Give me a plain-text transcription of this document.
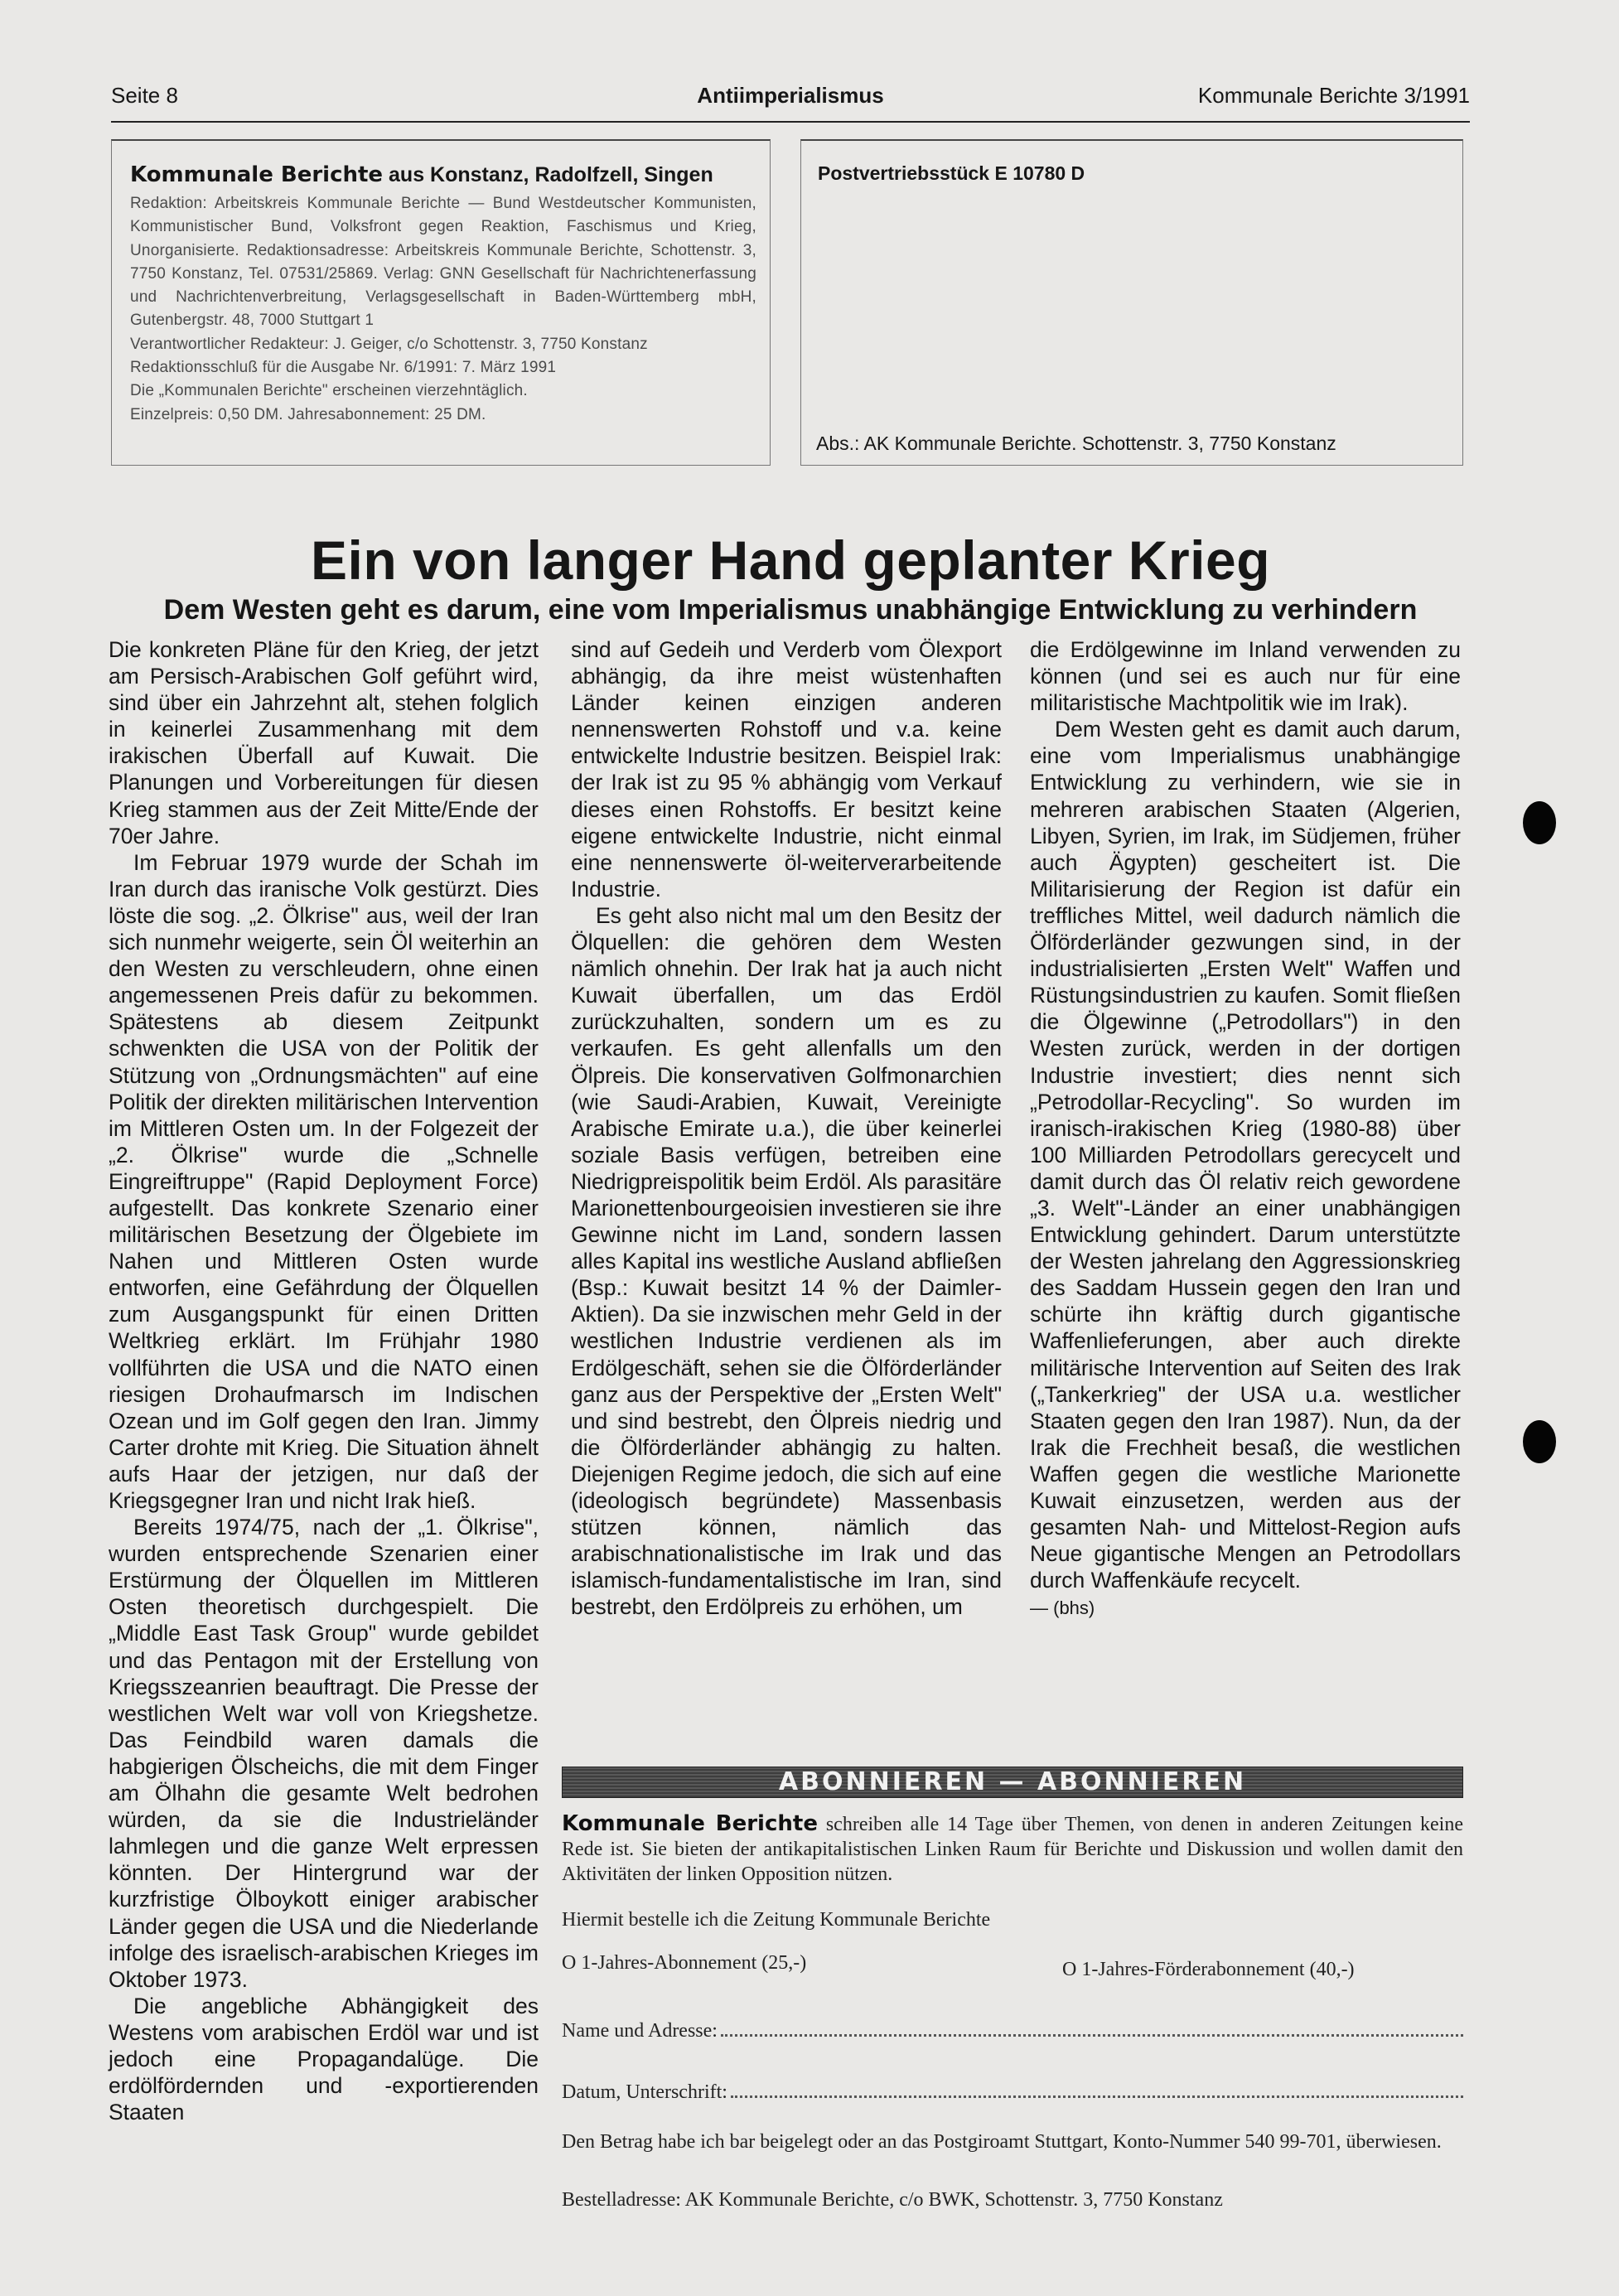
Seite 8	Antiimperialismus	Kommunale Berichte 3/1991
Kommunale Berichte aus Konstanz, Radolfzell, Singen

Redaktion: Arbeitskreis Kommunale Berichte — Bund Westdeutscher Kommunisten, Kommunistischer Bund, Volksfront gegen Reaktion, Faschismus und Krieg, Unorganisierte. Redaktionsadresse: Arbeitskreis Kommunale Berichte, Schottenstr. 3, 7750 Konstanz, Tel. 07531/25869. Verlag: GNN Gesellschaft für Nachrichtenerfassung und Nachrichtenverbreitung, Verlagsgesellschaft in Baden-Württemberg mbH, Gutenbergstr. 48, 7000 Stuttgart 1

Verantwortlicher Redakteur: J. Geiger, c/o Schottenstr. 3, 7750 Konstanz

Redaktionsschluß für die Ausgabe Nr. 6/1991: 7. März 1991

Die „Kommunalen Berichte" erscheinen vierzehntäglich.

Einzelpreis: 0,50 DM. Jahresabonnement: 25 DM.

Postvertriebsstück E 10780 D
Abs.: AK Kommunale Berichte. Schottenstr. 3, 7750 Konstanz
Ein von langer Hand geplanter Krieg
Dem Westen geht es darum, eine vom Imperialismus unabhängige Entwicklung zu verhindern

Die konkreten Pläne für den Krieg, der jetzt am Persisch-Arabischen Golf geführt wird, sind über ein Jahrzehnt alt, stehen folglich in keinerlei Zusammenhang mit dem irakischen Überfall auf Kuwait. Die Planungen und Vorbereitungen für diesen Krieg stammen aus der Zeit Mitte/Ende der 70er Jahre.

Im Februar 1979 wurde der Schah im Iran durch das iranische Volk gestürzt. Dies löste die sog. „2. Ölkrise" aus, weil der Iran sich nunmehr weigerte, sein Öl weiterhin an den Westen zu verschleudern, ohne einen angemessenen Preis dafür zu bekommen. Spätestens ab diesem Zeitpunkt schwenkten die USA von der Politik der Stützung von „Ordnungsmächten" auf eine Politik der direkten militärischen Intervention im Mittleren Osten um. In der Folgezeit der „2. Ölkrise" wurde die „Schnelle Eingreiftruppe" (Rapid Deployment Force) aufgestellt. Das konkrete Szenario einer militärischen Besetzung der Ölgebiete im Nahen und Mittleren Osten wurde entworfen, eine Gefährdung der Ölquellen zum Ausgangspunkt für einen Dritten Weltkrieg erklärt. Im Frühjahr 1980 vollführten die USA und die NATO einen riesigen Drohaufmarsch im Indischen Ozean und im Golf gegen den Iran. Jimmy Carter drohte mit Krieg. Die Situation ähnelt aufs Haar der jetzigen, nur daß der Kriegsgegner Iran und nicht Irak hieß.

Bereits 1974/75, nach der „1. Ölkrise", wurden entsprechende Szenarien einer Erstürmung der Ölquellen im Mittleren Osten theoretisch durchgespielt. Die „Middle East Task Group" wurde gebildet und das Pentagon mit der Erstellung von Kriegsszeanrien beauftragt. Die Presse der westlichen Welt war voll von Kriegshetze. Das Feindbild waren damals die habgierigen Ölscheichs, die mit dem Finger am Ölhahn die gesamte Welt bedrohen würden, da sie die Industrieländer lahmlegen und die ganze Welt erpressen könnten. Der Hintergrund war der kurzfristige Ölboykott einiger arabischer Länder gegen die USA und die Niederlande infolge des israelisch-arabischen Krieges im Oktober 1973.

Die angebliche Abhängigkeit des Westens vom arabischen Erdöl war und ist jedoch eine Propagandalüge. Die erdölfördernden und -exportierenden Staaten

sind auf Gedeih und Verderb vom Ölexport abhängig, da ihre meist wüstenhaften Länder keinen einzigen anderen nennenswerten Rohstoff und v.a. keine entwickelte Industrie besitzen. Beispiel Irak: der Irak ist zu 95 % abhängig vom Verkauf dieses einen Rohstoffs. Er besitzt keine eigene entwickelte Industrie, nicht einmal eine nennenswerte öl-weiterverarbeitende Industrie.

Es geht also nicht mal um den Besitz der Ölquellen: die gehören dem Westen nämlich ohnehin. Der Irak hat ja auch nicht Kuwait überfallen, um das Erdöl zurückzuhalten, sondern um es zu verkaufen. Es geht allenfalls um den Ölpreis. Die konservativen Golfmonarchien (wie Saudi-Arabien, Kuwait, Vereinigte Arabische Emirate u.a.), die über keinerlei soziale Basis verfügen, betreiben eine Niedrigpreispolitik beim Erdöl. Als parasitäre Marionettenbourgeoisien investieren sie ihre Gewinne nicht im Land, sondern lassen alles Kapital ins westliche Ausland abfließen (Bsp.: Kuwait besitzt 14 % der Daimler-Aktien). Da sie inzwischen mehr Geld in der westlichen Industrie verdienen als im Erdölgeschäft, sehen sie die Ölförderländer ganz aus der Perspektive der „Ersten Welt" und sind bestrebt, den Ölpreis niedrig und die Ölförderländer abhängig zu halten. Diejenigen Regime jedoch, die sich auf eine (ideologisch begründete) Massenbasis stützen können, nämlich das arabischnationalistische im Irak und das islamisch-fundamentalistische im Iran, sind bestrebt, den Erdölpreis zu erhöhen, um

die Erdölgewinne im Inland verwenden zu können (und sei es auch nur für eine militaristische Machtpolitik wie im Irak).

Dem Westen geht es damit auch darum, eine vom Imperialismus unabhängige Entwicklung zu verhindern, wie sie in mehreren arabischen Staaten (Algerien, Libyen, Syrien, im Irak, im Südjemen, früher auch Ägypten) gescheitert ist. Die Militarisierung der Region ist dafür ein treffliches Mittel, weil dadurch nämlich die Ölförderländer gezwungen sind, in der industrialisierten „Ersten Welt" Waffen und Rüstungsindustrien zu kaufen. Somit fließen die Ölgewinne („Petrodollars") in den Westen zurück, werden in der dortigen Industrie investiert; dies nennt sich „Petrodollar-Recycling". So wurden im iranisch-irakischen Krieg (1980-88) über 100 Milliarden Petrodollars gerecycelt und damit durch das Öl relativ reich gewordene „3. Welt"-Länder an einer unabhängigen Entwicklung gehindert. Darum unterstützte der Westen jahrelang den Aggressionskrieg des Saddam Hussein gegen den Iran und schürte ihn kräftig durch gigantische Waffenlieferungen, aber auch direkte militärische Intervention auf Seiten des Irak („Tankerkrieg" der USA u.a. westlicher Staaten gegen den Iran 1987). Nun, da der Irak die Frechheit besaß, die westlichen Waffen gegen die westliche Marionette Kuwait einzusetzen, werden aus der gesamten Nah- und Mittelost-Region aufs Neue gigantische Mengen an Petrodollars durch Waffenkäufe recycelt.

— (bhs)

ABONNIEREN — ABONNIEREN
Kommunale Berichte schreiben alle 14 Tage über Themen, von denen in anderen Zeitungen keine Rede ist. Sie bieten der antikapitalistischen Linken Raum für Berichte und Diskussion und wollen damit den Aktivitäten der linken Opposition nützen.
Hiermit bestelle ich die Zeitung Kommunale Berichte
O 1-Jahres-Abonnement (25,-)	O 1-Jahres-Förderabonnement (40,-)
Name und Adresse:
Datum, Unterschrift:
Den Betrag habe ich bar beigelegt oder an das Postgiroamt Stuttgart, Konto-Nummer 540 99-701, überwiesen.
Bestelladresse: AK Kommunale Berichte, c/o BWK, Schottenstr. 3, 7750 Konstanz
